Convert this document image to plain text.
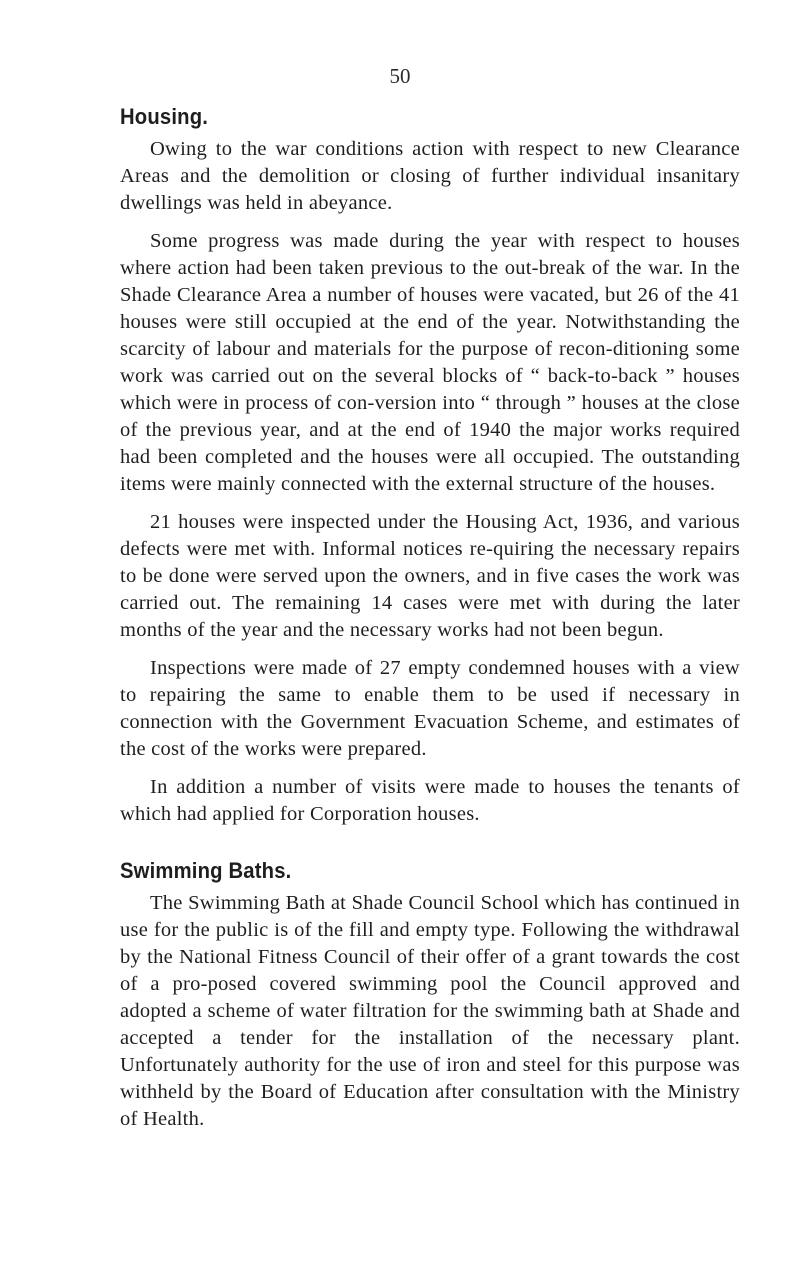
50
Housing.

Owing to the war conditions action with respect to new Clearance Areas and the demolition or closing of further individual insanitary dwellings was held in abeyance.

Some progress was made during the year with respect to houses where action had been taken previous to the out-break of the war. In the Shade Clearance Area a number of houses were vacated, but 26 of the 41 houses were still occupied at the end of the year. Notwithstanding the scarcity of labour and materials for the purpose of recon-ditioning some work was carried out on the several blocks of “ back-to-back ” houses which were in process of con-version into “ through ” houses at the close of the previous year, and at the end of 1940 the major works required had been completed and the houses were all occupied. The outstanding items were mainly connected with the external structure of the houses.

21 houses were inspected under the Housing Act, 1936, and various defects were met with. Informal notices re-quiring the necessary repairs to be done were served upon the owners, and in five cases the work was carried out. The remaining 14 cases were met with during the later months of the year and the necessary works had not been begun.

Inspections were made of 27 empty condemned houses with a view to repairing the same to enable them to be used if necessary in connection with the Government Evacuation Scheme, and estimates of the cost of the works were prepared.

In addition a number of visits were made to houses the tenants of which had applied for Corporation houses.

Swimming Baths.

The Swimming Bath at Shade Council School which has continued in use for the public is of the fill and empty type. Following the withdrawal by the National Fitness Council of their offer of a grant towards the cost of a pro-posed covered swimming pool the Council approved and adopted a scheme of water filtration for the swimming bath at Shade and accepted a tender for the installation of the necessary plant. Unfortunately authority for the use of iron and steel for this purpose was withheld by the Board of Education after consultation with the Ministry of Health.
